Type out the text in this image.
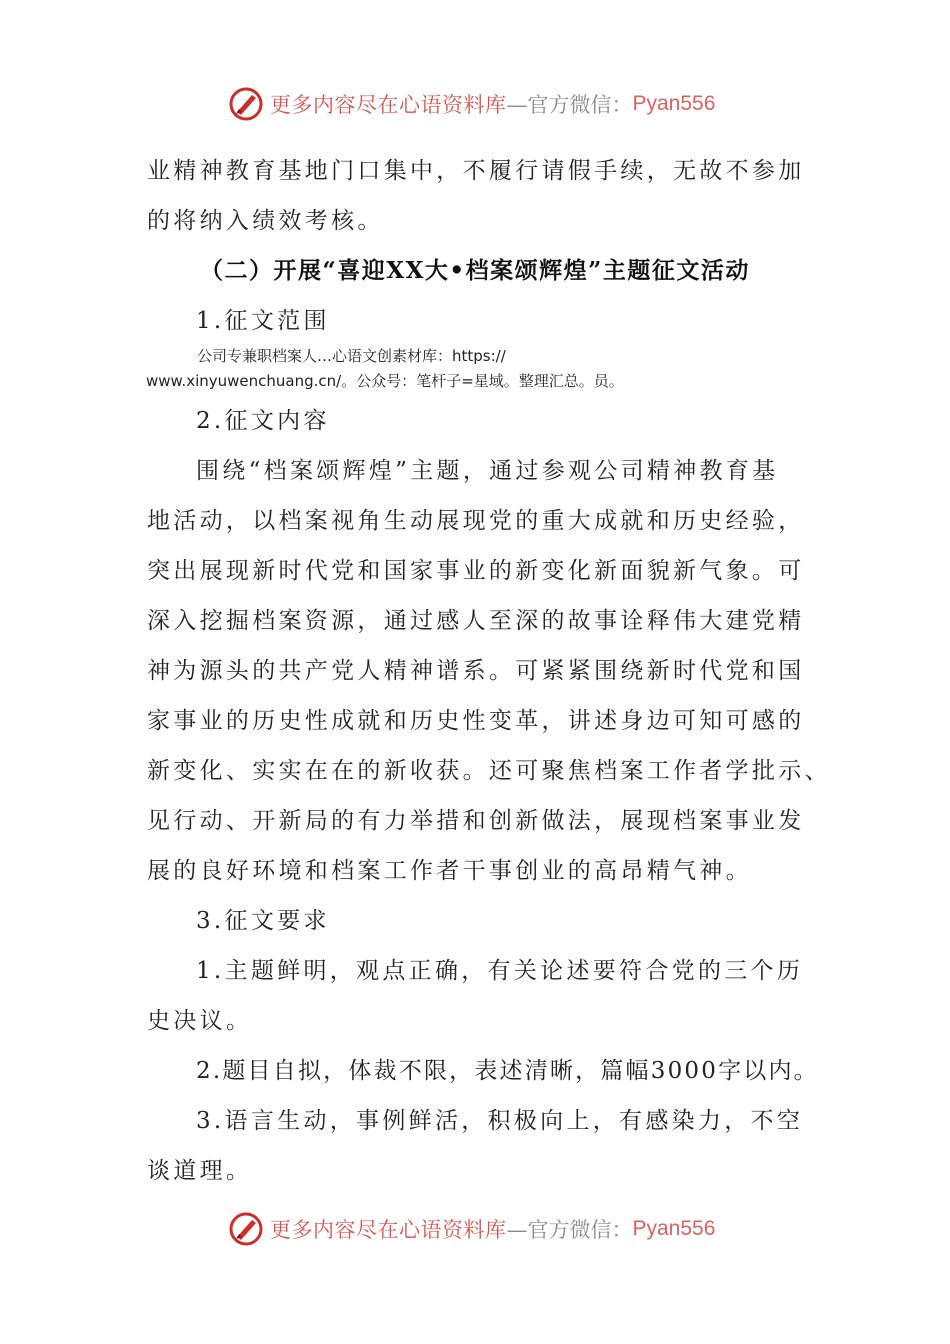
更多内容尽在心语资料库 —官方微信： Pyan556
业精神教育基地门口集中，不履行请假手续，无故不参加
的将纳入绩效考核。
（二）开展“喜迎XX大•档案颂辉煌”主题征文活动
1.征文范围
公司专兼职档案人…心语文创素材库：https://
www.xinyuwenchuang.cn/。公众号：笔杆子=星域。整理汇总。员。
2.征文内容
围绕“档案颂辉煌”主题，通过参观公司精神教育基
地活动，以档案视角生动展现党的重大成就和历史经验，
突出展现新时代党和国家事业的新变化新面貌新气象。可
深入挖掘档案资源，通过感人至深的故事诠释伟大建党精
神为源头的共产党人精神谱系。可紧紧围绕新时代党和国
家事业的历史性成就和历史性变革，讲述身边可知可感的
新变化、实实在在的新收获。还可聚焦档案工作者学批示、
见行动、开新局的有力举措和创新做法，展现档案事业发
展的良好环境和档案工作者干事创业的高昂精气神。
3.征文要求
1.主题鲜明，观点正确，有关论述要符合党的三个历
史决议。
2.题目自拟，体裁不限，表述清晰，篇幅3000字以内。
3.语言生动，事例鲜活，积极向上，有感染力，不空
谈道理。
更多内容尽在心语资料库 —官方微信： Pyan556
